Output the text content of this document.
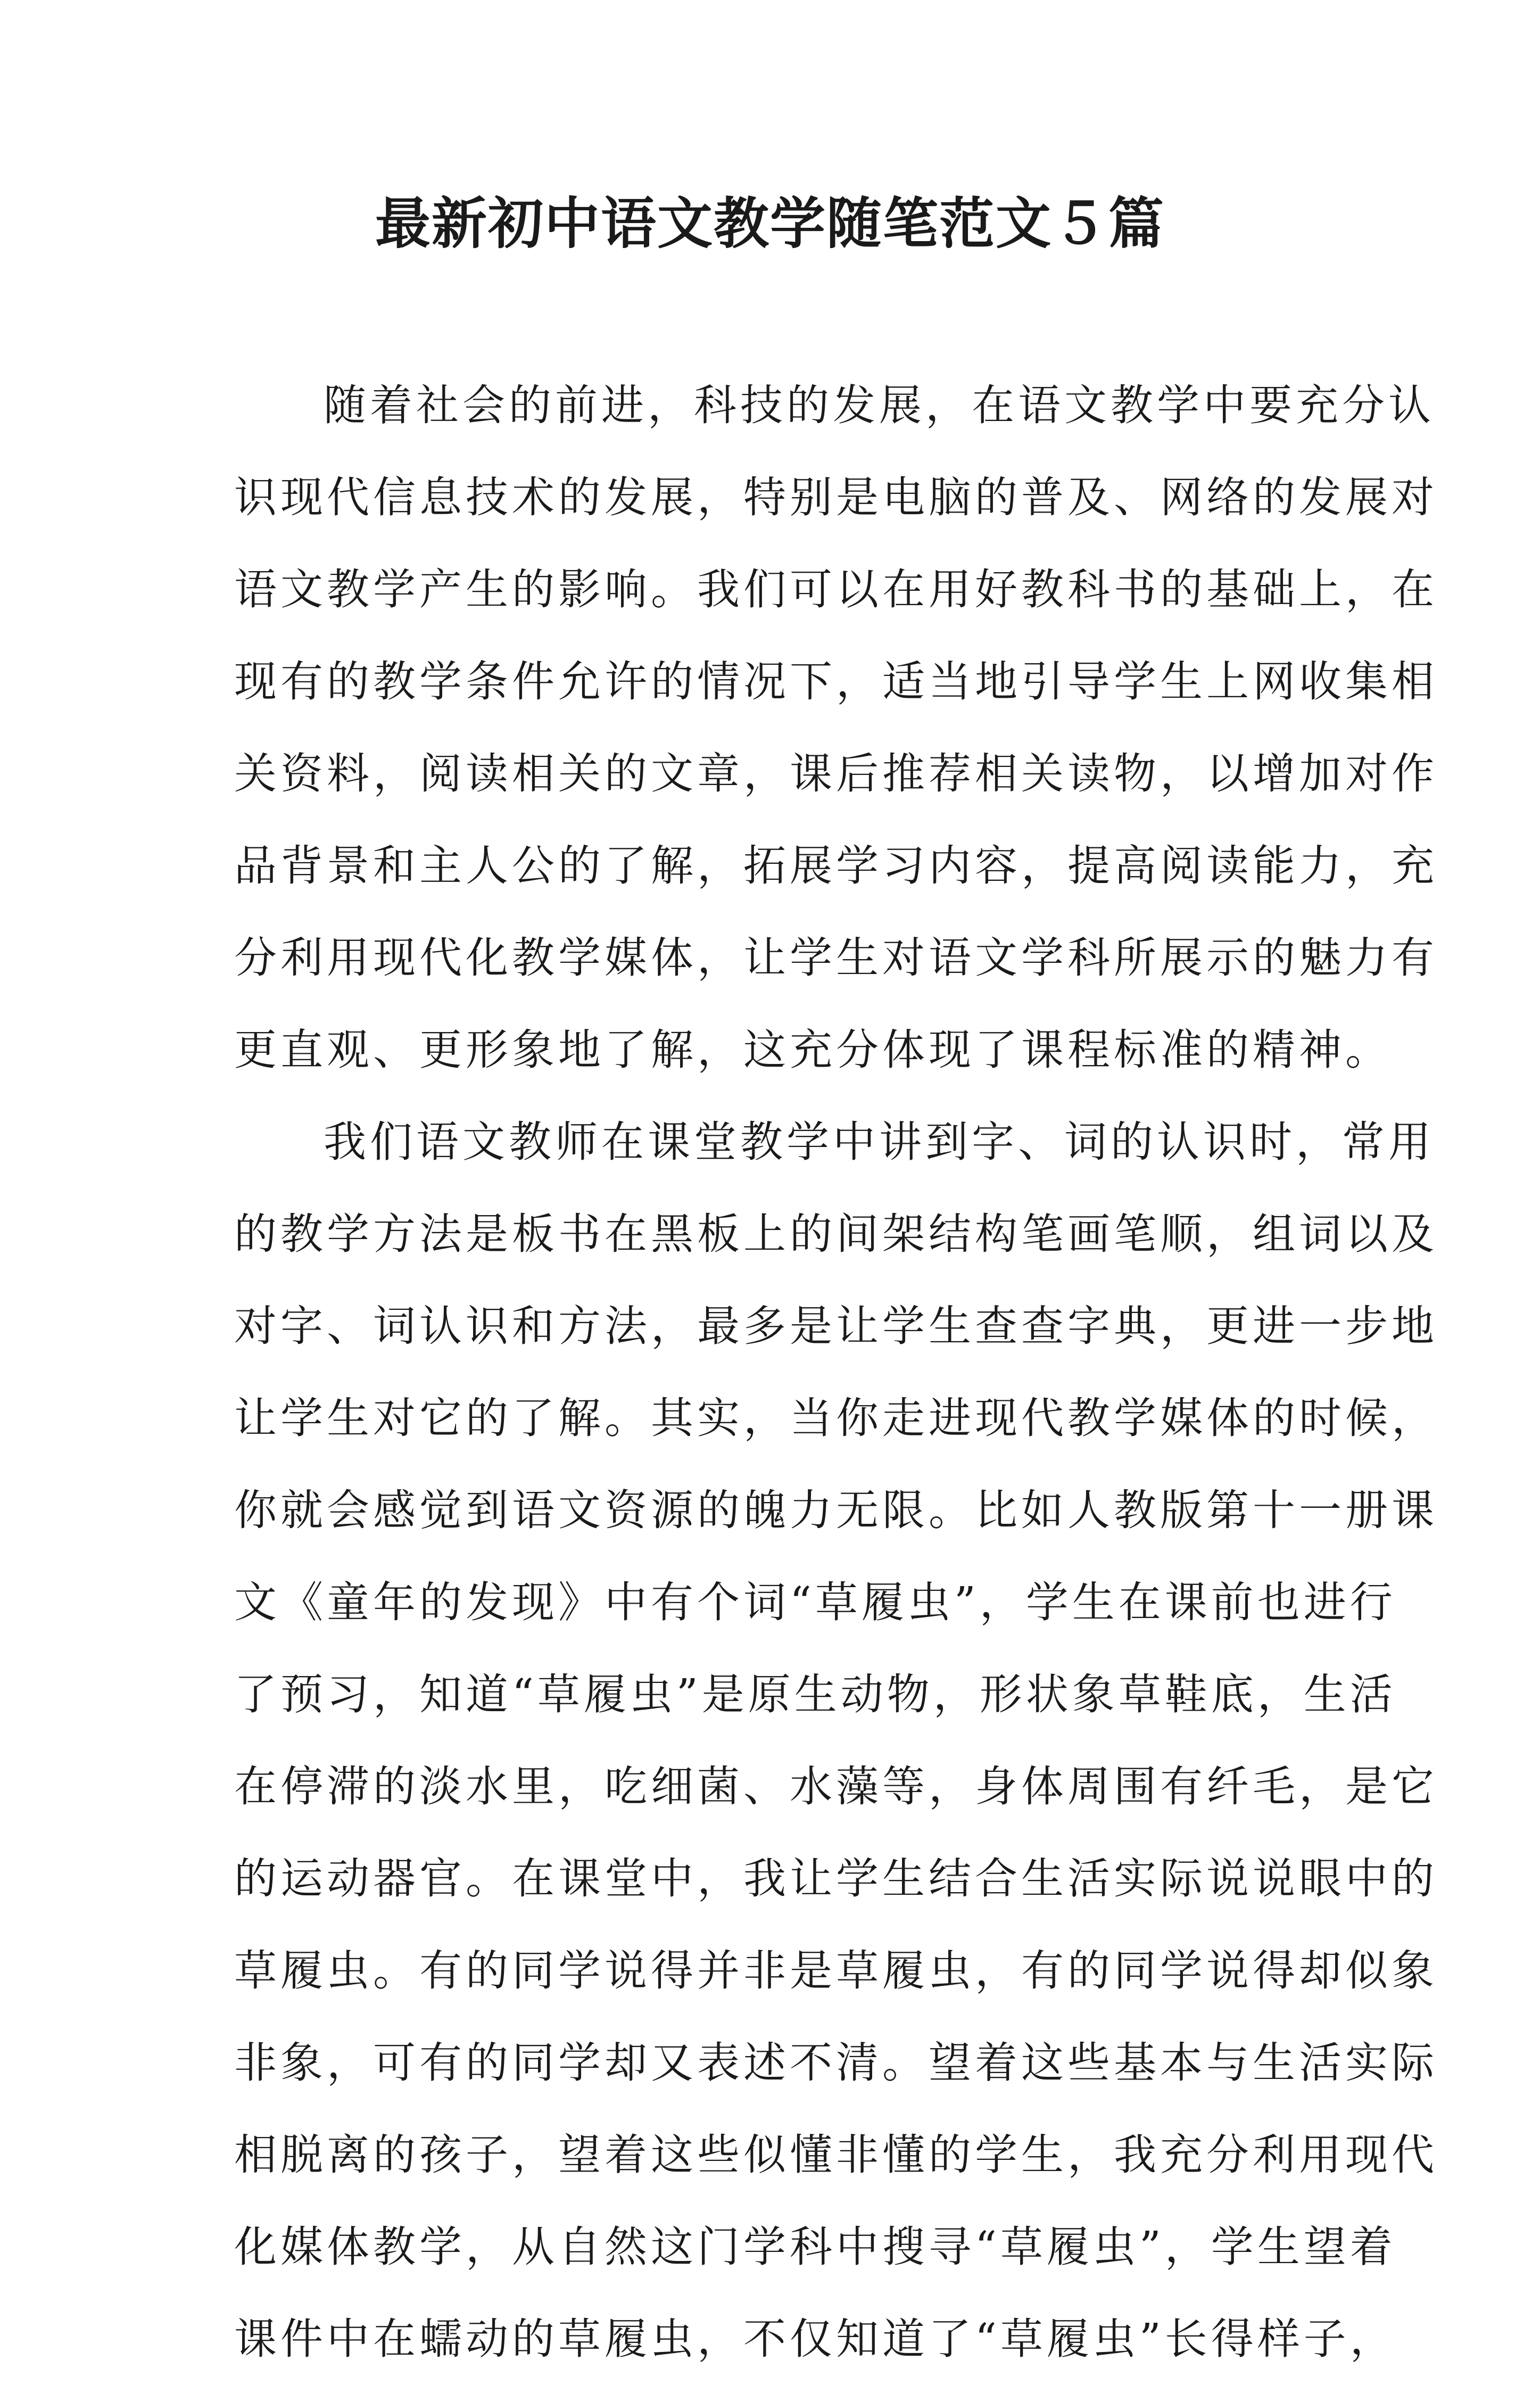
最新初中语文教学随笔范文５篇
随着社会的前进，科技的发展，在语文教学中要充分认
识现代信息技术的发展，特别是电脑的普及、网络的发展对
语文教学产生的影响。我们可以在用好教科书的基础上，在
现有的教学条件允许的情况下，适当地引导学生上网收集相
关资料，阅读相关的文章，课后推荐相关读物，以增加对作
品背景和主人公的了解，拓展学习内容，提高阅读能力，充
分利用现代化教学媒体，让学生对语文学科所展示的魅力有
更直观、更形象地了解，这充分体现了课程标准的精神。
我们语文教师在课堂教学中讲到字、词的认识时，常用
的教学方法是板书在黑板上的间架结构笔画笔顺，组词以及
对字、词认识和方法，最多是让学生查查字典，更进一步地
让学生对它的了解。其实，当你走进现代教学媒体的时候，
你就会感觉到语文资源的魄力无限。比如人教版第十一册课
文《童年的发现》中有个词“草履虫”，学生在课前也进行
了预习，知道“草履虫”是原生动物，形状象草鞋底，生活
在停滞的淡水里，吃细菌、水藻等，身体周围有纤毛，是它
的运动器官。在课堂中，我让学生结合生活实际说说眼中的
草履虫。有的同学说得并非是草履虫，有的同学说得却似象
非象，可有的同学却又表述不清。望着这些基本与生活实际
相脱离的孩子，望着这些似懂非懂的学生，我充分利用现代
化媒体教学，从自然这门学科中搜寻“草履虫”，学生望着
课件中在蠕动的草履虫，不仅知道了“草履虫”长得样子，
